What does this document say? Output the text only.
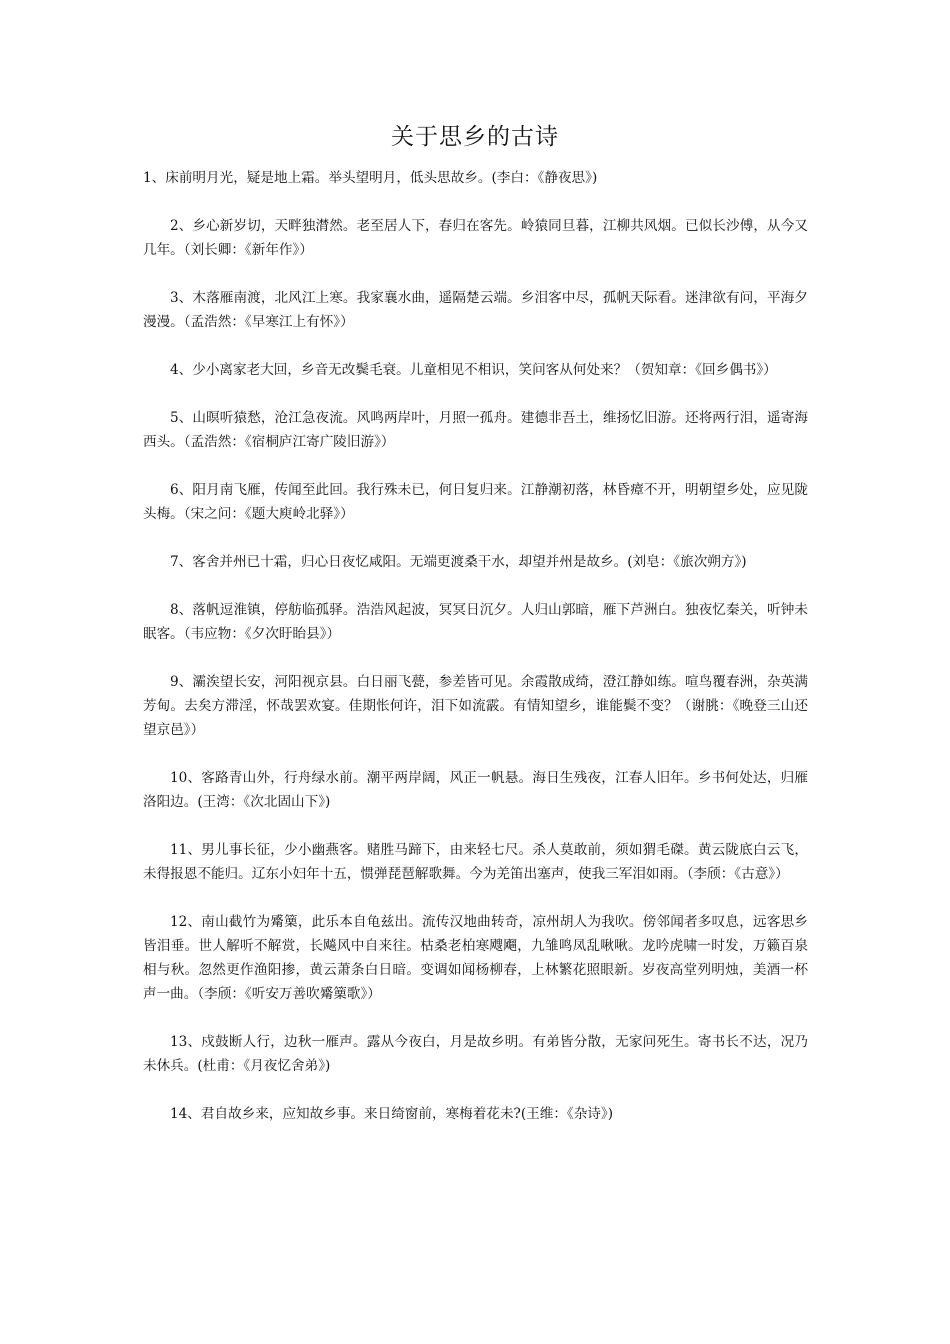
关于思乡的古诗

1、床前明月光，疑是地上霜。举头望明月，低头思故乡。(李白：《静夜思》)

2、乡心新岁切，天畔独潸然。老至居人下，春归在客先。岭猿同旦暮，江柳共风烟。已似长沙傅，从今又几年。（刘长卿：《新年作》）

3、木落雁南渡，北风江上寒。我家襄水曲，遥隔楚云端。乡泪客中尽，孤帆天际看。迷津欲有问，平海夕漫漫。（孟浩然：《早寒江上有怀》）

4、少小离家老大回，乡音无改鬓毛衰。儿童相见不相识，笑问客从何处来？（贺知章：《回乡偶书》）

5、山暝听猿愁，沧江急夜流。风鸣两岸叶，月照一孤舟。建德非吾土，维扬忆旧游。还将两行泪，遥寄海西头。（孟浩然：《宿桐庐江寄广陵旧游》）

6、阳月南飞雁，传闻至此回。我行殊未已，何日复归来。江静潮初落，林昏瘴不开，明朝望乡处，应见陇头梅。（宋之问：《题大庾岭北驿》）

7、客舍并州已十霜，归心日夜忆咸阳。无端更渡桑干水，却望并州是故乡。(刘皂：《旅次朔方》)

8、落帆逗淮镇，停舫临孤驿。浩浩风起波，冥冥日沉夕。人归山郭暗，雁下芦洲白。独夜忆秦关，听钟未眠客。（韦应物：《夕次盱眙县》）

9、灞涘望长安，河阳视京县。白日丽飞甍，参差皆可见。余霞散成绮，澄江静如练。喧鸟覆春洲，杂英满芳甸。去矣方滞淫，怀哉罢欢宴。佳期怅何许，泪下如流霰。有情知望乡，谁能鬓不变？（谢朓：《晚登三山还望京邑》）

10、客路青山外，行舟绿水前。潮平两岸阔，风正一帆悬。海日生残夜，江春人旧年。乡书何处达，归雁洛阳边。(王湾：《次北固山下》)

11、男儿事长征，少小幽燕客。赌胜马蹄下，由来轻七尺。杀人莫敢前，须如猬毛磔。黄云陇底白云飞，未得报恩不能归。辽东小妇年十五，惯弹琵琶解歌舞。今为羌笛出塞声，使我三军泪如雨。（李颀：《古意》）

12、南山截竹为觱篥，此乐本自龟兹出。流传汉地曲转奇，凉州胡人为我吹。傍邻闻者多叹息，远客思乡皆泪垂。世人解听不解赏，长飚风中自来往。枯桑老柏寒飕飗，九雏鸣凤乱啾啾。龙吟虎啸一时发，万籁百泉相与秋。忽然更作渔阳掺，黄云萧条白日暗。变调如闻杨柳春，上林繁花照眼新。岁夜高堂列明烛，美酒一杯声一曲。（李颀：《听安万善吹觱篥歌》）

13、戍鼓断人行，边秋一雁声。露从今夜白，月是故乡明。有弟皆分散，无家问死生。寄书长不达，况乃未休兵。(杜甫：《月夜忆舍弟》)

14、君自故乡来，应知故乡事。来日绮窗前，寒梅着花未?(王维：《杂诗》)
